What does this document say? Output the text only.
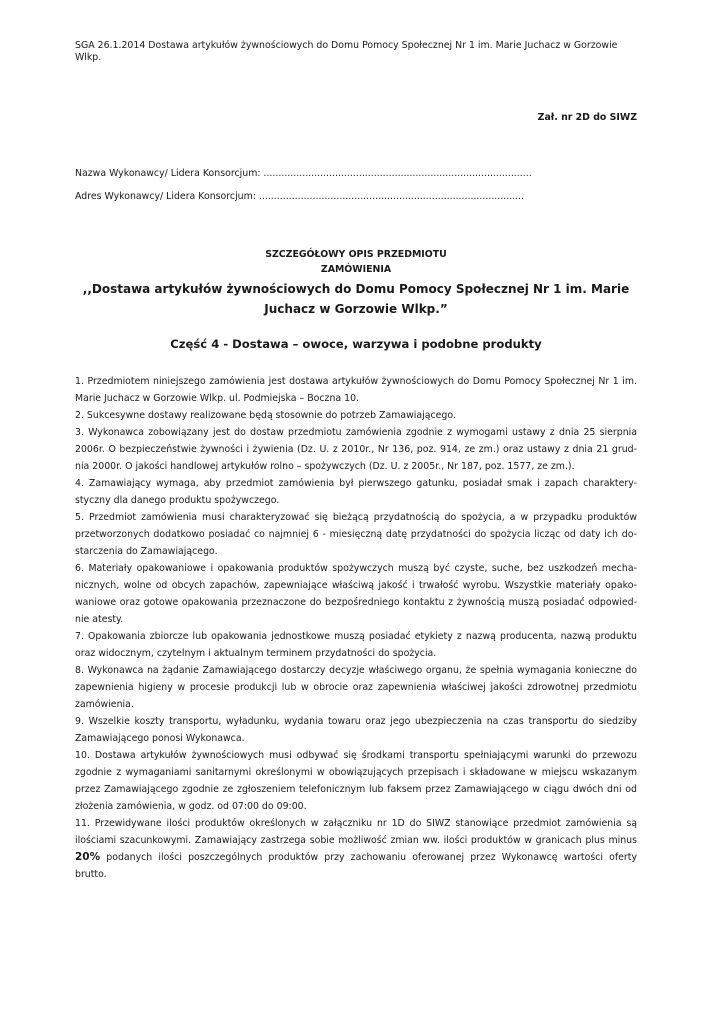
SGA 26.1.2014 Dostawa artykułów żywnościowych do Domu Pomocy Społecznej Nr 1 im. Marie Juchacz w Gorzowie Wlkp.

Zał. nr 2D do SIWZ

Nazwa Wykonawcy/ Lidera Konsorcjum: ..........................................................................................

Adres Wykonawcy/ Lidera Konsorcjum: .........................................................................................

SZCZEGÓŁOWY OPIS PRZEDMIOTU

ZAMÓWIENIA

,,Dostawa artykułów żywnościowych do Domu Pomocy Społecznej Nr 1 im. Marie Juchacz w Gorzowie Wlkp.”

Część 4 - Dostawa – owoce, warzywa i podobne produkty

1. Przedmiotem niniejszego zamówienia jest dostawa artykułów żywnościowych do Domu Pomocy Społecznej Nr 1 im. Marie Juchacz w Gorzowie Wlkp. ul. Podmiejska – Boczna 10.

2. Sukcesywne dostawy realizowane będą stosownie do potrzeb Zamawiającego.

3. Wykonawca zobowiązany jest do dostaw przedmiotu zamówienia zgodnie z wymogami ustawy z dnia 25 sierpnia 2006r. O bezpieczeństwie żywności i żywienia (Dz. U. z 2010r., Nr 136, poz. 914, ze zm.) oraz ustawy z dnia 21 grud-nia 2000r. O jakości handlowej artykułów rolno – spożywczych (Dz. U. z 2005r., Nr 187, poz. 1577, ze zm.).

4. Zamawiający wymaga, aby przedmiot zamówienia był pierwszego gatunku, posiadał smak i zapach charaktery-styczny dla danego produktu spożywczego.

5. Przedmiot zamówienia musi charakteryzować się bieżącą przydatnością do spożycia, a w przypadku produktów przetworzonych dodatkowo posiadać co najmniej 6 - miesięczną datę przydatności do spożycia licząc od daty ich do-starczenia do Zamawiającego.

6. Materiały opakowaniowe i opakowania produktów spożywczych muszą być czyste, suche, bez uszkodzeń mecha-nicznych, wolne od obcych zapachów, zapewniające właściwą jakość i trwałość wyrobu. Wszystkie materiały opako-waniowe oraz gotowe opakowania przeznaczone do bezpośredniego kontaktu z żywnością muszą posiadać odpowied-nie atesty.

7. Opakowania zbiorcze lub opakowania jednostkowe muszą posiadać etykiety z nazwą producenta, nazwą produktu oraz widocznym, czytelnym i aktualnym terminem przydatności do spożycia.

8. Wykonawca na żądanie Zamawiającego dostarczy decyzje właściwego organu, że spełnia wymagania konieczne do zapewnienia higieny w procesie produkcji lub w obrocie oraz zapewnienia właściwej jakości zdrowotnej przedmiotu zamówienia.

9. Wszelkie koszty transportu, wyładunku, wydania towaru oraz jego ubezpieczenia na czas transportu do siedziby Zamawiającego ponosi Wykonawca.

10. Dostawa artykułów żywnościowych musi odbywać się środkami transportu spełniającymi warunki do przewozu zgodnie z wymaganiami sanitarnymi określonymi w obowiązujących przepisach i składowane w miejscu wskazanym przez Zamawiającego zgodnie ze zgłoszeniem telefonicznym lub faksem przez Zamawiającego w ciągu dwóch dni od złożenia zamówienia, w godz. od 07:00 do 09:00.

11. Przewidywane ilości produktów określonych w załączniku nr 1D do SIWZ stanowiące przedmiot zamówienia są ilościami szacunkowymi. Zamawiający zastrzega sobie możliwość zmian ww. ilości produktów w granicach plus minus 20% podanych ilości poszczególnych produktów przy zachowaniu oferowanej przez Wykonawcę wartości oferty brutto.
